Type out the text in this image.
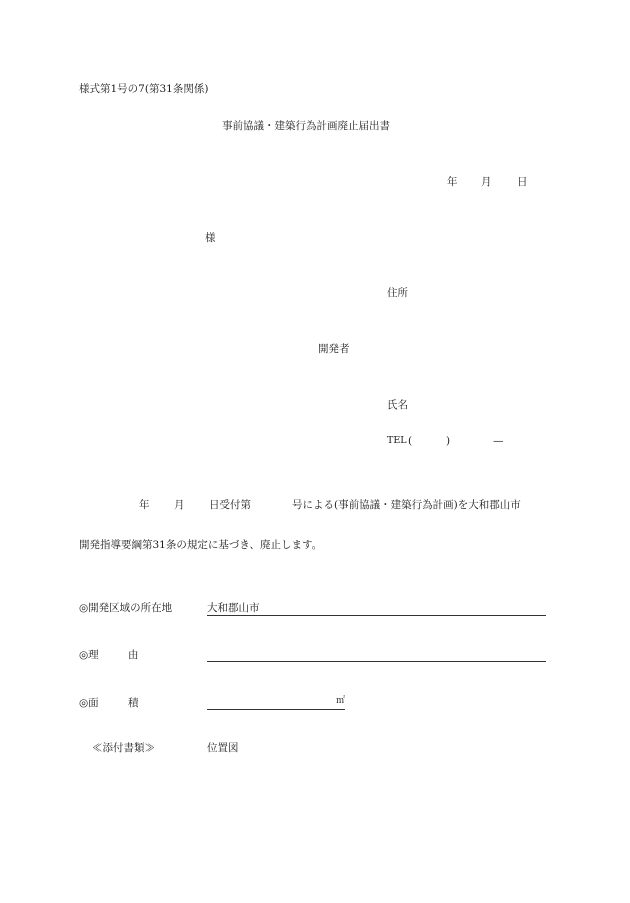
様式第1号の7(第31条関係)
事前協議・建築行為計画廃止届出書
年 月 日
様
住所
開発者
氏名
TEL (	)	—
年 月 日受付第	号による(事前協議・建築行為計画)を大和郡山市
開発指導要綱第31条の規定に基づき、廃止します。
◎開発区域の所在地	大和郡山市
◎理	由
◎面	積	㎡
≪添付書類≫	位置図
